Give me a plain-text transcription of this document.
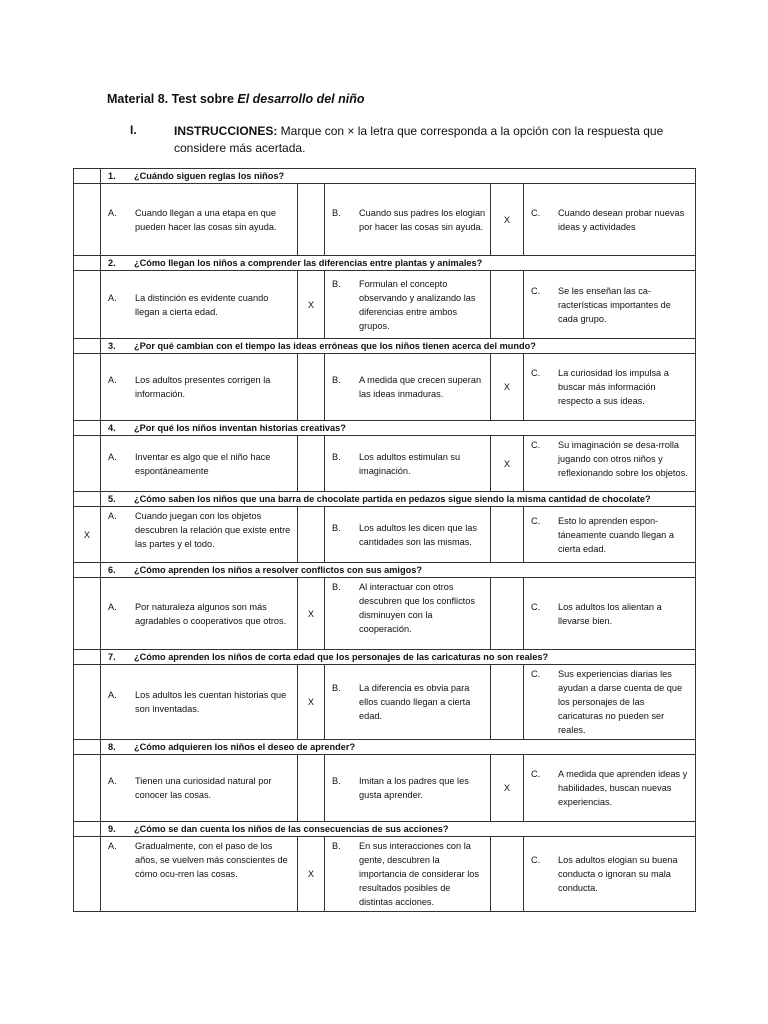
Material 8. Test sobre El desarrollo del niño
I.	INSTRUCCIONES: Marque con × la letra que corresponda a la opción con la respuesta que considere más acertada.
	1. ¿Cuándo siguen reglas los niños?				

	A. Cuando llegan a una etapa en que pueden hacer las cosas sin ayuda.		B. Cuando sus padres los elogian por hacer las cosas sin ayuda.	X	C. Cuando desean probar nuevas ideas y actividades

	2. ¿Cómo llegan los niños a comprender las diferencias entre plantas y animales?				

	A. La distinción es evidente cuando llegan a cierta edad.	X	B. Formulan el concepto observando y analizando las diferencias entre ambos grupos.		C. Se les enseñan las ca-racterísticas importantes de cada grupo.

	3. ¿Por qué cambian con el tiempo las ideas erróneas que los niños tienen acerca del mundo?				

	A. Los adultos presentes corrigen la información.		B. A medida que crecen superan las ideas inmaduras.	X	C. La curiosidad los impulsa a buscar más información respecto a sus ideas.

	4. ¿Por qué los niños inventan historias creativas?				

	A. Inventar es algo que el niño hace espontáneamente		B. Los adultos estimulan su imaginación.	X	C. Su imaginación se desa-rrolla jugando con otros niños y reflexionando sobre los objetos.

	5. ¿Cómo saben los niños que una barra de chocolate partida en pedazos sigue siendo la misma cantidad de chocolate?				
X	A. Cuando juegan con los objetos descubren la relación que existe entre las partes y el todo.		B. Los adultos les dicen que las cantidades son las mismas.		C. Esto lo aprenden espon-táneamente cuando llegan a cierta edad.

	6. ¿Cómo aprenden los niños a resolver conflictos con sus amigos?				

	A. Por naturaleza algunos son más agradables o cooperativos que otros.	X	B. Al interactuar con otros descubren que los conflictos disminuyen con la cooperación.		C. Los adultos los alientan a llevarse bien.

	7. ¿Cómo aprenden los niños de corta edad que los personajes de las caricaturas no son reales?				

	A. Los adultos les cuentan historias que son inventadas.	X	B. La diferencia es obvia para ellos cuando llegan a cierta edad.		C. Sus experiencias diarias les ayudan a darse cuenta de que los personajes de las caricaturas no pueden ser reales.

	8. ¿Cómo adquieren los niños el deseo de aprender?				

	A. Tienen una curiosidad natural por conocer las cosas.		B. Imitan a los padres que les gusta aprender.	X	C. A medida que aprenden ideas y habilidades, buscan nuevas experiencias.

	9. ¿Cómo se dan cuenta los niños de las consecuencias de sus acciones?				

	A. Gradualmente, con el paso de los años, se vuelven más conscientes de cómo ocu-rren las cosas.	X	B. En sus interacciones con la gente, descubren la importancia de considerar los resultados posibles de distintas acciones.		C. Los adultos elogian su buena conducta o ignoran su mala conducta.
